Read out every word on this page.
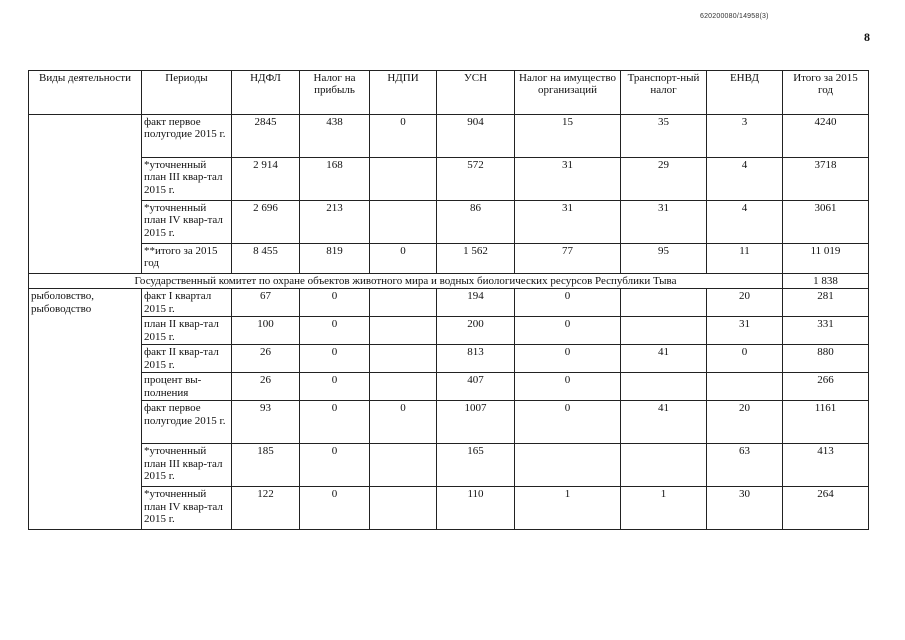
620200080/14958(3)
8
Виды деятельности	Периоды	НДФЛ	Налог на прибыль	НДПИ	УСН	Налог на имущество организаций	Транспорт-ный налог	ЕНВД	Итого за 2015 год
	факт первое полугодие 2015 г.	2845	438	0	904	15	35	3	4240
	*уточненный план III квар-тал 2015 г.	2 914	168		572	31	29	4	3718
	*уточненный план IV квар-тал 2015 г.	2 696	213		86	31	31	4	3061
	**итого за 2015 год	8 455	819	0	1 562	77	95	11	11 019
Государственный комитет по охране объектов животного мира и водных биологических ресурсов Республики Тыва									1 838
рыболовство, рыбоводство	факт I квартал 2015 г.	67	0		194	0		20	281
	план II квар-тал 2015 г.	100	0		200	0		31	331
	факт II квар-тал 2015 г.	26	0		813	0	41	0	880
	процент вы-полнения	26	0		407	0			266
	факт первое полугодие 2015 г.	93	0	0	1007	0	41	20	1161
	*уточненный план III квар-тал 2015 г.	185	0		165			63	413
	*уточненный план IV квар-тал 2015 г.	122	0		110	1	1	30	264
